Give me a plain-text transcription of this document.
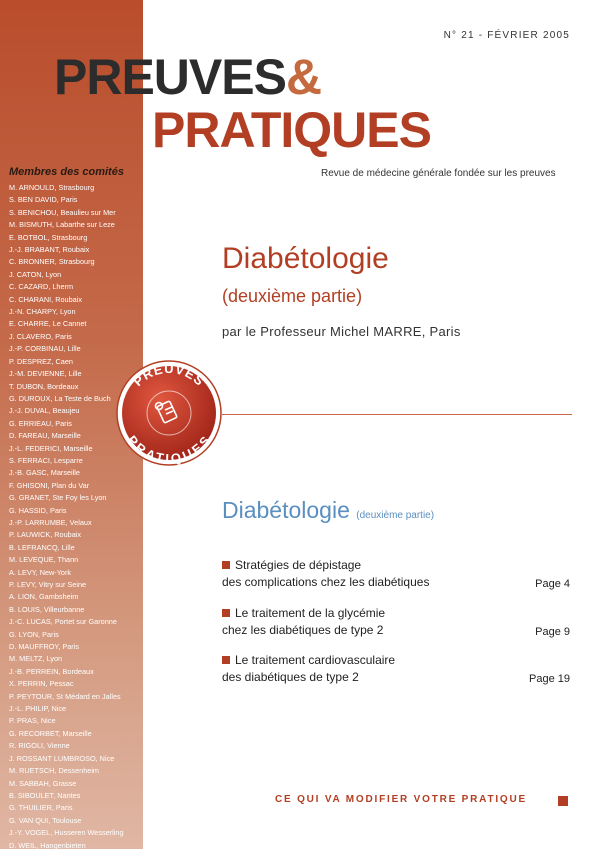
Membres des comités
M. ARNOULD, Strasbourg
S. BEN DAVID, Paris
S. BENICHOU, Beaulieu sur Mer
M. BISMUTH, Labarthe sur Leze
E. BOTBOL, Strasbourg
J.-J. BRABANT, Roubaix
C. BRONNER, Strasbourg
J. CATON, Lyon
C. CAZARD, Lherm
C. CHARANI, Roubaix
J.-N. CHARPY, Lyon
E. CHARRE, Le Cannet
J. CLAVERO, Paris
J.-P. CORBINAU, Lille
P. DESPREZ, Caen
J.-M. DEVIENNE, Lille
T. DUBON, Bordeaux
G. DUROUX, La Teste de Buch
J.-J. DUVAL, Beaujeu
G. ERRIEAU, Paris
D. FAREAU, Marseille
J.-L. FEDERICI, Marseille
S. FERRACI, Lesparre
J.-B. GASC, Marseille
F. GHISONI, Plan du Var
G. GRANET, Ste Foy les Lyon
G. HASSID, Paris
J.-P. LARRUMBE, Velaux
P. LAUWICK, Roubaix
B. LEFRANCQ, Lille
M. LEVEQUE, Thann
A. LEVY, New-York
P. LEVY, Vitry sur Seine
A. LION, Gambsheim
B. LOUIS, Villeurbanne
J.-C. LUCAS, Portet sur Garonne
G. LYON, Paris
D. MAUFFROY, Paris
M. MELTZ, Lyon
J.-B. PERREIN, Bordeaux
X. PERRIN, Pessac
P. PEYTOUR, St Médard en Jalles
J.-L. PHILIP, Nice
P. PRAS, Nice
G. RECORBET, Marseille
R. RIGOLI, Vienne
J. ROSSANT LUMBROSO, Nice
M. RUETSCH, Dessenheim
M. SABBAH, Grasse
B. SIBOULET, Nantes
G. THUILIER, Paris
G. VAN QUI, Toulouse
J.-Y. VOGEL, Husseren Wesserling
D. WEIL, Hangenbieten
N° 21 - FÉVRIER 2005
PREUVES&
PRATIQUES
Revue de médecine générale fondée sur les preuves
Diabétologie
(deuxième partie)
par le Professeur Michel MARRE, Paris
PREUVES
PRATIQUES
Diabétologie (deuxième partie)
Stratégies de dépistage
des complications chez les diabétiques	Page 4
Le traitement de la glycémie
chez les diabétiques de type 2	Page 9
Le traitement cardiovasculaire
des diabétiques de type 2	Page 19
CE QUI VA MODIFIER VOTRE PRATIQUE
